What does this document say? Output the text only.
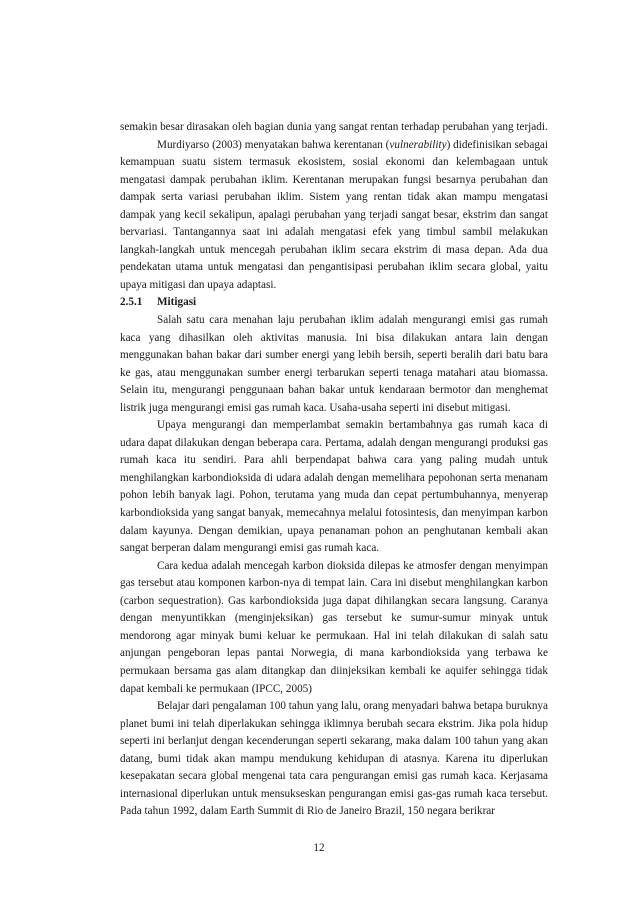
semakin besar dirasakan oleh bagian dunia yang sangat rentan terhadap perubahan yang terjadi.

Murdiyarso (2003) menyatakan bahwa kerentanan (vulnerability) didefinisikan sebagai kemampuan suatu sistem termasuk ekosistem, sosial ekonomi dan kelembagaan untuk mengatasi dampak perubahan iklim. Kerentanan merupakan fungsi besarnya perubahan dan dampak serta variasi perubahan iklim. Sistem yang rentan tidak akan mampu mengatasi dampak yang kecil sekalipun, apalagi perubahan yang terjadi sangat besar, ekstrim dan sangat bervariasi. Tantangannya saat ini adalah mengatasi efek yang timbul sambil melakukan langkah-langkah untuk mencegah perubahan iklim secara ekstrim di masa depan. Ada dua pendekatan utama untuk mengatasi dan pengantisipasi perubahan iklim secara global, yaitu upaya mitigasi dan upaya adaptasi.

2.5.1 Mitigasi

Salah satu cara menahan laju perubahan iklim adalah mengurangi emisi gas rumah kaca yang dihasilkan oleh aktivitas manusia. Ini bisa dilakukan antara lain dengan menggunakan bahan bakar dari sumber energi yang lebih bersih, seperti beralih dari batu bara ke gas, atau menggunakan sumber energi terbarukan seperti tenaga matahari atau biomassa. Selain itu, mengurangi penggunaan bahan bakar untuk kendaraan bermotor dan menghemat listrik juga mengurangi emisi gas rumah kaca. Usaha-usaha seperti ini disebut mitigasi.

Upaya mengurangi dan memperlambat semakin bertambahnya gas rumah kaca di udara dapat dilakukan dengan beberapa cara. Pertama, adalah dengan mengurangi produksi gas rumah kaca itu sendiri. Para ahli berpendapat bahwa cara yang paling mudah untuk menghilangkan karbondioksida di udara adalah dengan memelihara pepohonan serta menanam pohon lebih banyak lagi. Pohon, terutama yang muda dan cepat pertumbuhannya, menyerap karbondioksida yang sangat banyak, memecahnya melalui fotosintesis, dan menyimpan karbon dalam kayunya. Dengan demikian, upaya penanaman pohon an penghutanan kembali akan sangat berperan dalam mengurangi emisi gas rumah kaca.

Cara kedua adalah mencegah karbon dioksida dilepas ke atmosfer dengan menyimpan gas tersebut atau komponen karbon-nya di tempat lain. Cara ini disebut menghilangkan karbon (carbon sequestration). Gas karbondioksida juga dapat dihilangkan secara langsung. Caranya dengan menyuntikkan (menginjeksikan) gas tersebut ke sumur-sumur minyak untuk mendorong agar minyak bumi keluar ke permukaan. Hal ini telah dilakukan di salah satu anjungan pengeboran lepas pantai Norwegia, di mana karbondioksida yang terbawa ke permukaan bersama gas alam ditangkap dan diinjeksikan kembali ke aquifer sehingga tidak dapat kembali ke permukaan (IPCC, 2005)

Belajar dari pengalaman 100 tahun yang lalu, orang menyadari bahwa betapa buruknya planet bumi ini telah diperlakukan sehingga iklimnya berubah secara ekstrim. Jika pola hidup seperti ini berlanjut dengan kecenderungan seperti sekarang, maka dalam 100 tahun yang akan datang, bumi tidak akan mampu mendukung kehidupan di atasnya. Karena itu diperlukan kesepakatan secara global mengenai tata cara pengurangan emisi gas rumah kaca. Kerjasama internasional diperlukan untuk mensukseskan pengurangan emisi gas-gas rumah kaca tersebut. Pada tahun 1992, dalam Earth Summit di Rio de Janeiro Brazil, 150 negara berikrar

12
